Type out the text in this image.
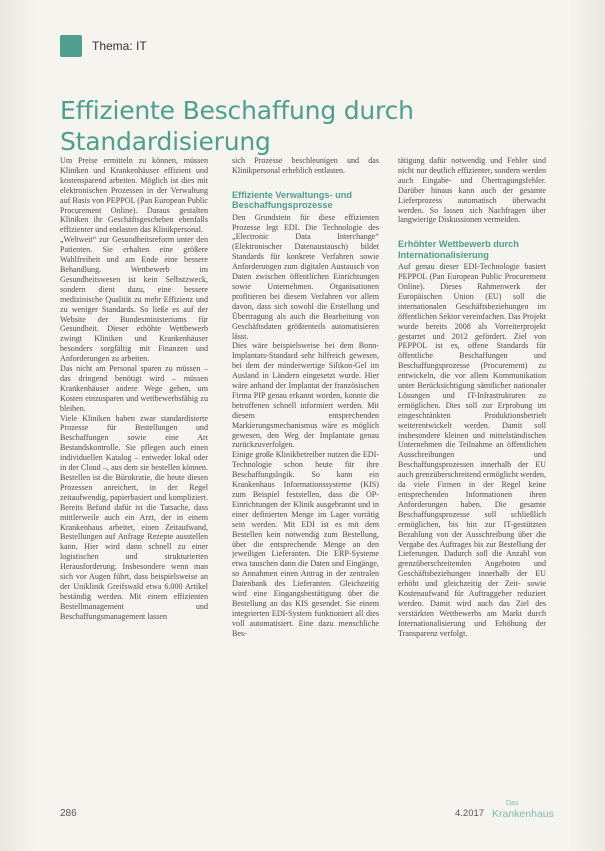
Thema: IT
Effiziente Beschaffung durch Standardisierung

Um Preise ermitteln zu können, müssen Kliniken und Krankenhäuser effizient und kostensparend arbeiten. Möglich ist dies mit elektronischen Prozessen in der Verwaltung auf Basis von PEPPOL (Pan European Public Procurement Online). Daraus gestalten Kliniken ihr Geschäftsgeschehen ebenfalls effizienter und entlasten das Klinikpersonal.

„Weltweit“ zur Gesundheitsreform unter den Patienten. Sie erhalten eine größere Wahlfreiheit und am Ende eine bessere Behandlung. Wettbewerb im Gesundheitswesen ist kein Selbstzweck, sondern dient dazu, eine bessere medizinische Qualität zu mehr Effizienz und zu weniger Standards. So ließe es auf der Website der Bundesministeriums für Gesundheit. Dieser erhöhte Wettbewerb zwingt Kliniken und Krankenhäuser besonders sorgfältig mit Finanzen und Anforderungen zu arbeiten.

Das nicht am Personal sparen zu müssen – das dringend benötigt wird – müssen Krankenhäuser andere Wege gehen, um Kosten einzusparen und wettbewerbsfähig zu bleiben.

Viele Kliniken haben zwar standardisierte Prozesse für Bestellungen und Beschaffungen sowie eine Art Bestandskontrolle. Sie pflegen auch einen individuellen Katalog – entweder lokal oder in der Cloud –, aus dem sie bestellen können. Bestellen ist die Bürokratie, die heute diesen Prozessen anreichert, in der Regel zeitaufwendig, papierbasiert und kompliziert. Bereits Befund dafür ist die Tatsache, dass mittlerweile auch ein Arzt, der in einem Krankenhaus arbeitet, einen Zeitaufwand, Bestellungen auf Anfrage Rezepte ausstellen kann. Hier wird dann schnell zu einer logistischen und strukturierten Herausforderung. Insbesondere wenn man sich vor Augen führt, dass beispielsweise an der Uniklinik Greifswald etwa 6.000 Artikel beständig werden. Mit einem effizienten Bestellmanagement und Beschaffungsmanagement lassen

sich Prozesse beschleunigen und das Klinikpersonal erheblich entlasten.

Effiziente Verwaltungs- und Beschaffungsprozesse

Den Grundstein für diese effizienten Prozesse legt EDI. Die Technologie des „Electronic Data Interchange“ (Elektronischer Datenaustausch) bildet Standards für konkrete Verfahren sowie Anforderungen zum digitalen Austausch von Daten zwischen öffentlichen Einrichtungen sowie Unternehmen. Organisationen profitieren bei diesem Verfahren vor allem davon, dass sich sowohl die Erstellung und Übertragung als auch die Bearbeitung von Geschäftsdaten größtenteils automatisieren lässt.

Dies wäre beispielsweise bei dem Bonn-Implantats-Standard sehr hilfreich gewesen, bei dem der minderwertige Silikon-Gel im Ausland in Ländern eingesetzt wurde. Hier wäre anhand der Implantat der französischen Firma PIP genau erkannt worden, konnte die betroffenen schnell informiert werden. Mit diesem entsprechenden Markierungsmechanismus wäre es möglich gewesen, den Weg der Implantate genau zurückzuverfolgen.

Einige große Klinikbetreiber nutzen die EDI-Technologie schon heute für ihre Beschaffungslogik. So kann ein Krankenhaus Informationssysteme (KIS) zum Beispiel feststellen, dass die OP-Einrichtungen der Klinik ausgebrannt und in einer definierten Menge im Lager vorrätig sein werden. Mit EDI ist es mit dem Bestellen kein notwendig zum Bestellung, über die entsprechende Menge an den jeweiligen Lieferanten. Die ERP-Systeme etwa tauschen dann die Daten und Eingänge, so Annahmen einen Antrag in der zentralen Datenbank des Lieferanten. Gleichzeitig wird eine Eingangsbestätigung über die Bestellung an das KIS gesendet. Sie einem integrierten EDI-System funktioniert all dies voll automatisiert. Eine dazu menschliche Bes-

tätigung dafür notwendig und Fehler sind nicht nur deutlich effizienter, sondern werden auch Eingabe- und Übertragungsfehler. Darüber hinaus kann auch der gesamte Lieferprozess automatisch überwacht werden. So lassen sich Nachfragen über langwierige Diskussionen vermeiden.

Erhöhter Wettbewerb durch Internationalisierung

Auf genau dieser EDI-Technologie basiert PEPPOL (Pan European Public Procurement Online). Dieses Rahmenwerk der Europäischen Union (EU) soll die internationalen Geschäftsbeziehungen im öffentlichen Sektor vereinfachen. Das Projekt wurde bereits 2008 als Vorreiterprojekt gestartet und 2012 gefördert. Ziel von PEPPOL ist es, offene Standards für öffentliche Beschaffungen und Beschaffungsprozesse (Procurement) zu entwickeln, die vor allem Kommunikation unter Berücksichtigung sämtlicher nationaler Lösungen und IT-Infrastrukturen zu ermöglichen. Dies soll zur Erprobung im eingeschränkten Produktionsbetrieb weiterentwickelt werden. Damit soll insbesondere kleinen und mittelständischen Unternehmen die Teilnahme an öffentlichen Ausschreibungen und Beschaffungsprozessen innerhalb der EU auch grenzüberschreitend ermöglicht werden, da viele Firmen in der Regel keine entsprechenden Informationen ihren Anforderungen haben. Die gesamte Beschaffungsprozesse soll schließlich ermöglichen, bis hin zur IT-gestützten Bezahlung von der Ausschreibung über die Vergabe des Auftrages bis zur Bestellung der Lieferungen. Dadurch soll die Anzahl von grenzüberschreitenden Angeboten und Geschäftsbeziehungen innerhalb der EU erhöht und gleichzeitig der Zeit- sowie Kostenaufwand für Auftraggeber reduziert werden. Damit wird auch das Ziel des verstärkten Wettbewerbs am Markt durch Internationalisierung und Erhöhung der Transparenz verfolgt.

286	4.2017
Das
Krankenhaus
